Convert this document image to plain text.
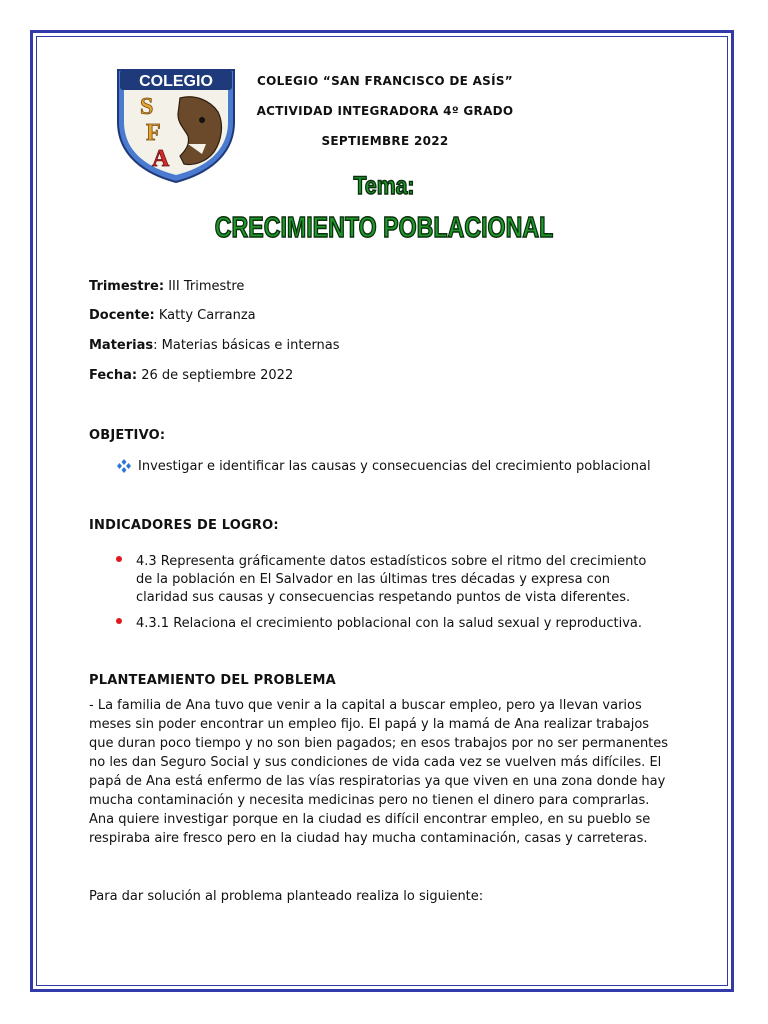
COLEGIO
S
F
A
COLEGIO “SAN FRANCISCO DE ASÍS”
ACTIVIDAD INTEGRADORA 4º GRADO
SEPTIEMBRE 2022
Tema:
CRECIMIENTO POBLACIONAL
Trimestre: III Trimestre
Docente: Katty Carranza
Materias: Materias básicas e internas
Fecha: 26 de septiembre 2022
OBJETIVO:
Investigar e identificar las causas y consecuencias del crecimiento poblacional
INDICADORES DE LOGRO:
4.3 Representa gráficamente datos estadísticos sobre el ritmo del crecimiento de la población en El Salvador en las últimas tres décadas y expresa con claridad sus causas y consecuencias respetando puntos de vista diferentes.
4.3.1 Relaciona el crecimiento poblacional con la salud sexual y reproductiva.
PLANTEAMIENTO DEL PROBLEMA
- La familia de Ana tuvo que venir a la capital a buscar empleo, pero ya llevan varios meses sin poder encontrar un empleo fijo. El papá y la mamá de Ana realizar trabajos que duran poco tiempo y no son bien pagados; en esos trabajos por no ser permanentes no les dan Seguro Social y sus condiciones de vida cada vez se vuelven más difíciles. El papá de Ana está enfermo de las vías respiratorias ya que viven en una zona donde hay mucha contaminación y necesita medicinas pero no tienen el dinero para comprarlas. Ana quiere investigar porque en la ciudad es difícil encontrar empleo, en su pueblo se respiraba aire fresco pero en la ciudad hay mucha contaminación, casas y carreteras.
Para dar solución al problema planteado realiza lo siguiente:
